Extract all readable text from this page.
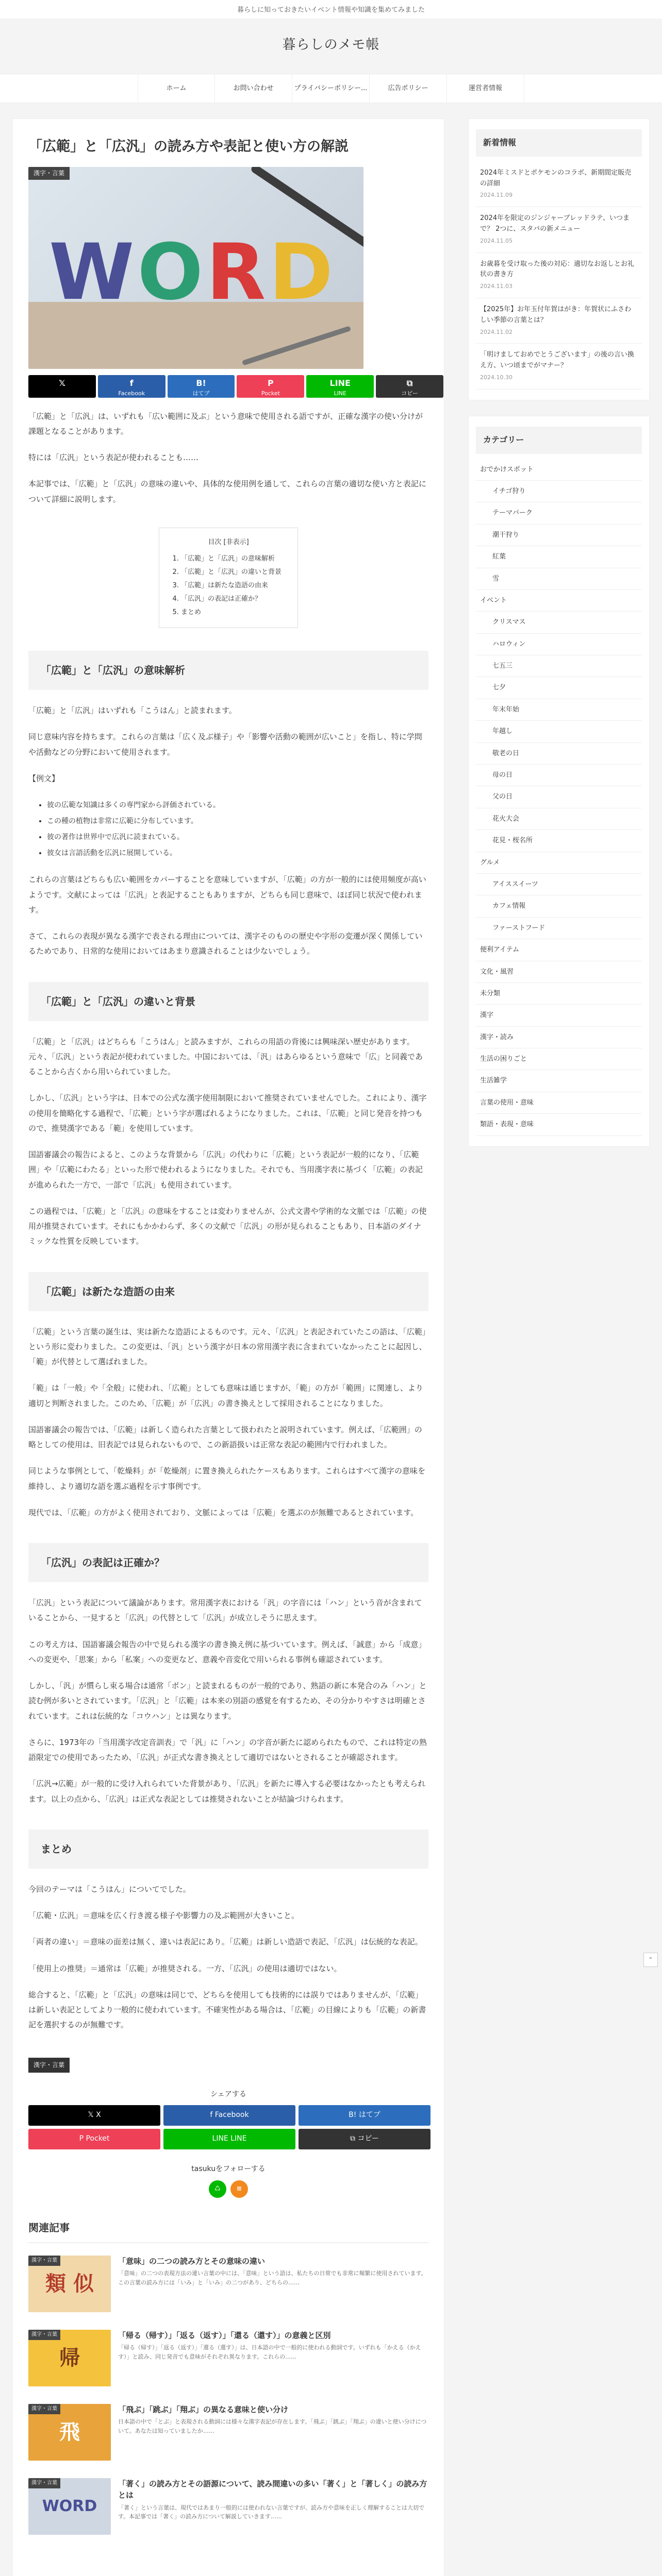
暮らしに知っておきたいイベント情報や知識を集めてみました
暮らしのメモ帳
ホーム	お問い合わせ	プライバシーポリシー...	広告ポリシー	運営者情報
「広範」と「広汎」の読み方や表記と使い方の解説
漢字・言葉
W O R D
𝕏	f
Facebook
B!
はてブ
P
Pocket
LINE
LINE
⧉
コピー

「広範」と「広汎」は、いずれも「広い範囲に及ぶ」という意味で使用される語ですが、正確な漢字の使い分けが課題となることがあります。

特には「広汎」という表記が使われることも……

本記事では、「広範」と「広汎」の意味の違いや、具体的な使用例を通して、これらの言葉の適切な使い方と表記について詳細に説明します。

目次 [非表示]
1. 「広範」と「広汎」の意味解析
2. 「広範」と「広汎」の違いと背景
3. 「広範」は新たな造語の由来
4. 「広汎」の表記は正確か？
5. まとめ
「広範」と「広汎」の意味解析

「広範」と「広汎」はいずれも「こうはん」と読まれます。

同じ意味内容を持ちます。これらの言葉は「広く及ぶ様子」や「影響や活動の範囲が広いこと」を指し、特に学問や活動などの分野において使用されます。

【例文】

• 彼の広範な知識は多くの専門家から評価されている。
• この種の植物は非常に広範に分布しています。
• 彼の著作は世界中で広汎に読まれている。
• 彼女は言語活動を広汎に展開している。

これらの言葉はどちらも広い範囲をカバーすることを意味していますが、「広範」の方が一般的には使用頻度が高いようです。文献によっては「広汎」と表記することもありますが、どちらも同じ意味で、ほぼ同じ状況で使われます。

さて、これらの表現が異なる漢字で表される理由については、漢字そのものの歴史や字形の変遷が深く関係しているためであり、日常的な使用においてはあまり意識されることは少ないでしょう。

「広範」と「広汎」の違いと背景

「広範」と「広汎」はどちらも「こうはん」と読みますが、これらの用語の背後には興味深い歴史があります。元々、「広汎」という表記が使われていました。中国においては、「汎」はあらゆるという意味で「広」と同義であることから古くから用いられていました。

しかし、「広汎」という字は、日本での公式な漢字使用制限において推奨されていませんでした。これにより、漢字の使用を簡略化する過程で、「広範」という字が選ばれるようになりました。これは、「広範」と同じ発音を持つもので、推奨漢字である「範」を使用しています。

国語審議会の報告によると、このような背景から「広汎」の代わりに「広範」という表記が一般的になり、「広範囲」や「広範にわたる」といった形で使われるようになりました。それでも、当用漢字表に基づく「広範」の表記が進められた一方で、一部で「広汎」も使用されています。

この過程では、「広範」と「広汎」の意味をすることは変わりませんが、公式文書や学術的な文脈では「広範」の使用が推奨されています。それにもかかわらず、多くの文献で「広汎」の形が見られることもあり、日本語のダイナミックな性質を反映しています。

「広範」は新たな造語の由来

「広範」という言葉の誕生は、実は新たな造語によるものです。元々、「広汎」と表記されていたこの語は、「広範」という形に変わりました。この変更は、「汎」という漢字が日本の常用漢字表に含まれていなかったことに起因し、「範」が代替として選ばれました。

「範」は「一般」や「全般」に使われ、「広範」としても意味は通じますが、「範」の方が「範囲」に関連し、より適切と判断されました。このため、「広範」が「広汎」の書き換えとして採用されることになりました。

国語審議会の報告では、「広範」は新しく造られた言葉として扱われたと説明されています。例えば、「広範囲」の略としての使用は、旧表記では見られないもので、この新語扱いは正常な表記の範囲内で行われました。

同じような事例として、「乾燥料」が「乾燥剤」に置き換えられたケースもあります。これらはすべて漢字の意味を維持し、より適切な語を選ぶ過程を示す事例です。

現代では、「広範」の方がよく使用されており、文脈によっては「広範」を選ぶのが無難であるとされています。

「広汎」の表記は正確か？

「広汎」という表記について議論があります。常用漢字表における「汎」の字音には「ハン」という音が含まれていることから、一見すると「広汎」の代替として「広汎」が成立しそうに思えます。

この考え方は、国語審議会報告の中で見られる漢字の書き換え例に基づいています。例えば、「誠意」から「成意」への変更や、「思案」から「私案」への変更など、意義や音変化で用いられる事例も確認されています。

しかし、「汎」が慣らし束る場合は通常「ボン」と読まれるものが一般的であり、熟語の新に本発合のみ「ハン」と読む例が多いとされています。「広汎」と「広範」は本来の別語の感覚を有するため、その分かりやすさは明確とされています。これは伝統的な「コウハン」とは異なります。

さらに、1973年の「当用漢字改定音訓表」で「汎」に「ハン」の字音が新たに認められたもので、これは特定の熟語限定での使用であったため、「広汎」が正式な書き換えとして適切ではないとされることが確認されます。

「広汎→広範」が一般的に受け入れられていた背景があり、「広汎」を新たに導入する必要はなかったとも考えられます。以上の点から、「広汎」は正式な表記としては推奨されないことが結論づけられます。

まとめ

今回のテーマは「こうはん」についてでした。

「広範・広汎」＝意味を広く行き渡る様子や影響力の及ぶ範囲が大きいこと。

「両者の違い」＝意味の面差は無く、違いは表記にあり。「広範」は新しい造語で表記、「広汎」は伝統的な表記。

「使用上の推奨」＝通常は「広範」が推奨される。一方、「広汎」の使用は適切ではない。

総合すると、「広範」と「広汎」の意味は同じで、どちらを使用しても技術的には誤りではありませんが、「広範」は新しい表記としてより一般的に使われています。不確実性がある場合は、「広範」の目線によりも「広範」の新書記を選択するのが無難です。

漢字・言葉
シェアする
𝕏 X	f Facebook	B! はてブ
P Pocket	LINE LINE	⧉ コピー
tasukuをフォローする
♺	≡
関連記事
類 似
漢字・言葉	「意味」の二つの読み方とその意味の違い
「意味」の二つの表現方法の違い言葉の中には、「意味」という語は、私たちの日常でも非常に頻繁に使用されています。この言葉の読み方には「いみ」と「いみ」の二つがあり、どちらの……
帰
漢字・言葉	「帰る（帰す）」「返る（返す）」「還る（還す）」の意義と区別
「帰る（帰す）」「返る（返す）」「還る（還す）」は、日本語の中で一般的に使われる動詞です。いずれも「かえる（かえす）」と読み、同じ発音でも意味がそれぞれ異なります。これらの……
飛
漢字・言葉	「飛ぶ」「跳ぶ」「翔ぶ」の異なる意味と使い分け
日本語の中で「とぶ」と表現される動詞には様々な漢字表記が存在します。「飛ぶ」「跳ぶ」「翔ぶ」の違いと使い分けについて。あなたは知っていましたか……
WORD
漢字・言葉	「著く」の読み方とその語源について、読み間違いの多い「著く」と「著しく」の読み方とは
「著く」という言葉は、現代ではあまり一般的には使われない言葉ですが、読み方や意味を正しく理解することは大切です。本記事では「著く」の読み方について解説していきます……
新着情報
2024年ミスドとポケモンのコラボ、新期間定販売の詳細
2024.11.09
2024年を限定のジンジャーブレッドラテ、いつまで？ 2つに、スタバの新メニュー
2024.11.05
お歳暮を受け取った後の対応：適切なお返しとお礼状の書き方
2024.11.03
【2025年】お年玉付年賀はがき：年賀状にふさわしい季節の言葉とは？
2024.11.02
「明けましておめでとうございます」の後の言い換え方、いつ頃までがマナー？
2024.10.30
カテゴリー
おでかけスポット
イチゴ狩り
テーマパーク
潮干狩り
紅葉
雪
イベント
クリスマス
ハロウィン
七五三
七夕
年末年始
年越し
敬老の日
母の日
父の日
花火大会
花見・桜名所
グルメ
アイススイーツ
カフェ情報
ファーストフード
便利アイテム
文化・風習
未分類
漢字
漢字・読み
生活の困りごと
生活雑学
言葉の使用・意味
類語・表現・意味
⌃
